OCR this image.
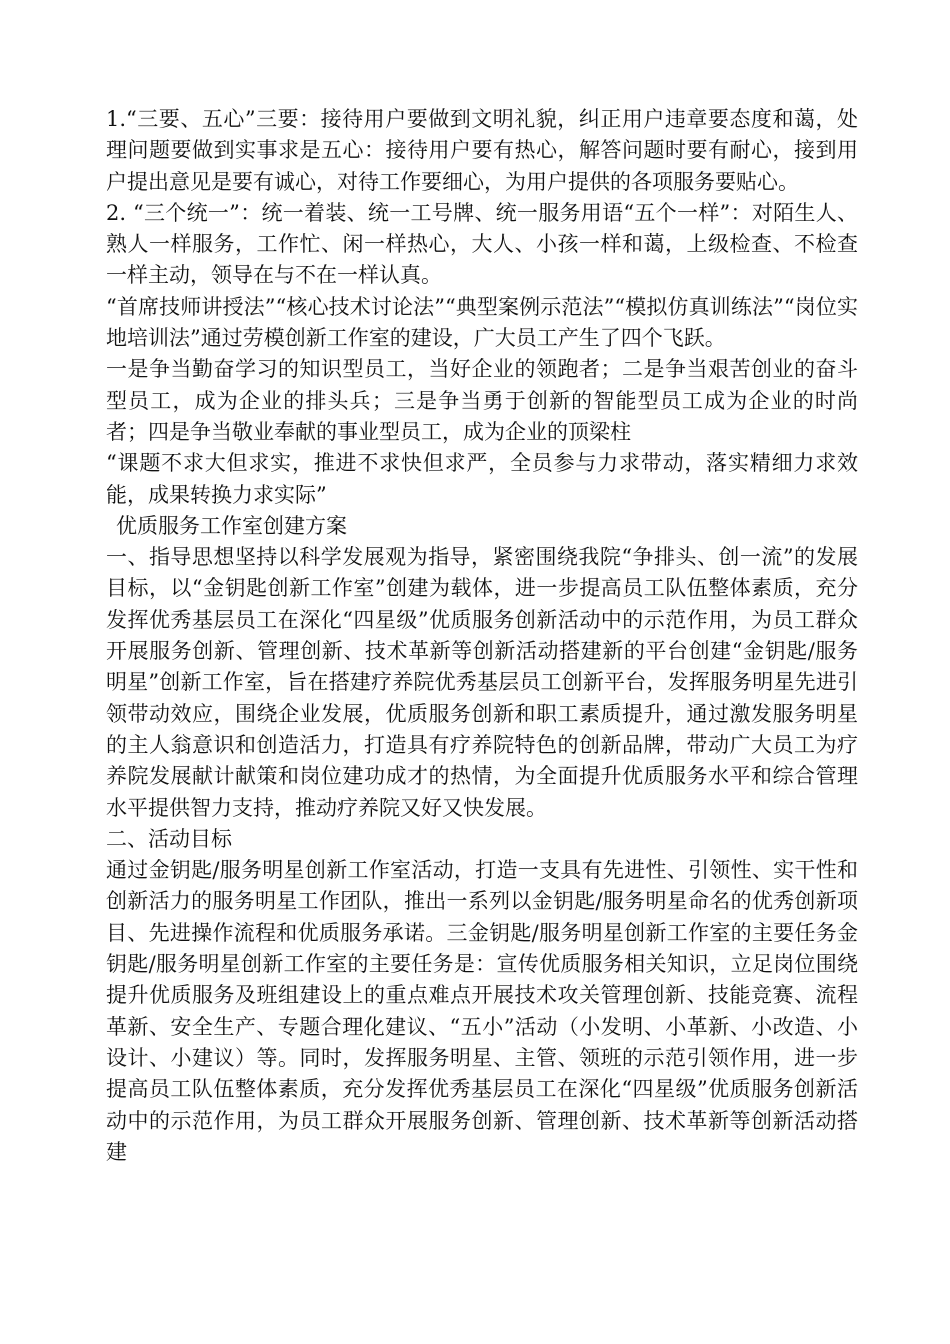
1.“三要、五心”三要：接待用户要做到文明礼貌，纠正用户违章要态度和蔼，处理问题要做到实事求是五心：接待用户要有热心，解答问题时要有耐心，接到用户提出意见是要有诚心，对待工作要细心，为用户提供的各项服务要贴心。

2. “三个统一”：统一着装、统一工号牌、统一服务用语“五个一样”：对陌生人、熟人一样服务，工作忙、闲一样热心，大人、小孩一样和蔼，上级检查、不检查一样主动，领导在与不在一样认真。

“首席技师讲授法”“核心技术讨论法”“典型案例示范法”“模拟仿真训练法”“岗位实地培训法”通过劳模创新工作室的建设，广大员工产生了四个飞跃。

一是争当勤奋学习的知识型员工，当好企业的领跑者；二是争当艰苦创业的奋斗型员工，成为企业的排头兵；三是争当勇于创新的智能型员工成为企业的时尚者；四是争当敬业奉献的事业型员工，成为企业的顶梁柱

“课题不求大但求实，推进不求快但求严，全员参与力求带动，落实精细力求效能，成果转换力求实际”

优质服务工作室创建方案

一、指导思想坚持以科学发展观为指导，紧密围绕我院“争排头、创一流”的发展目标，以“金钥匙创新工作室”创建为载体，进一步提高员工队伍整体素质，充分发挥优秀基层员工在深化“四星级”优质服务创新活动中的示范作用，为员工群众开展服务创新、管理创新、技术革新等创新活动搭建新的平台创建“金钥匙/服务明星”创新工作室，旨在搭建疗养院优秀基层员工创新平台，发挥服务明星先进引领带动效应，围绕企业发展，优质服务创新和职工素质提升，通过激发服务明星的主人翁意识和创造活力，打造具有疗养院特色的创新品牌，带动广大员工为疗养院发展献计献策和岗位建功成才的热情，为全面提升优质服务水平和综合管理水平提供智力支持，推动疗养院又好又快发展。

二、活动目标

通过金钥匙/服务明星创新工作室活动，打造一支具有先进性、引领性、实干性和创新活力的服务明星工作团队，推出一系列以金钥匙/服务明星命名的优秀创新项目、先进操作流程和优质服务承诺。三金钥匙/服务明星创新工作室的主要任务金钥匙/服务明星创新工作室的主要任务是：宣传优质服务相关知识，立足岗位围绕提升优质服务及班组建设上的重点难点开展技术攻关管理创新、技能竞赛、流程革新、安全生产、专题合理化建议、“五小”活动（小发明、小革新、小改造、小设计、小建议）等。同时，发挥服务明星、主管、领班的示范引领作用，进一步提高员工队伍整体素质，充分发挥优秀基层员工在深化“四星级”优质服务创新活动中的示范作用，为员工群众开展服务创新、管理创新、技术革新等创新活动搭建
